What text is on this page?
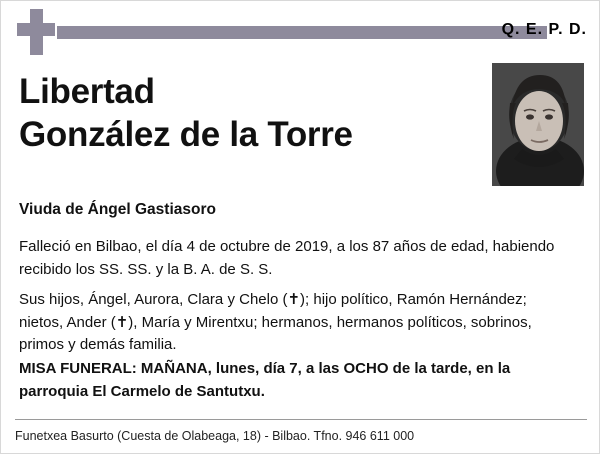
Q. E. P. D.
Libertad
González de la Torre
Viuda de Ángel Gastiasoro
Falleció en Bilbao, el día 4 de octubre de 2019, a los 87 años de edad, habiendo recibido los SS. SS. y la B. A. de S. S.
Sus hijos, Ángel, Aurora, Clara y Chelo (✝); hijo político, Ramón Hernández; nietos, Ander (✝), María y Mirentxu; hermanos, hermanos políticos, sobrinos, primos y demás familia.
MISA FUNERAL: MAÑANA, lunes, día 7, a las OCHO de la tarde, en la parroquia El Carmelo de Santutxu.
Funetxea Basurto (Cuesta de Olabeaga, 18) - Bilbao. Tfno. 946 611 000
